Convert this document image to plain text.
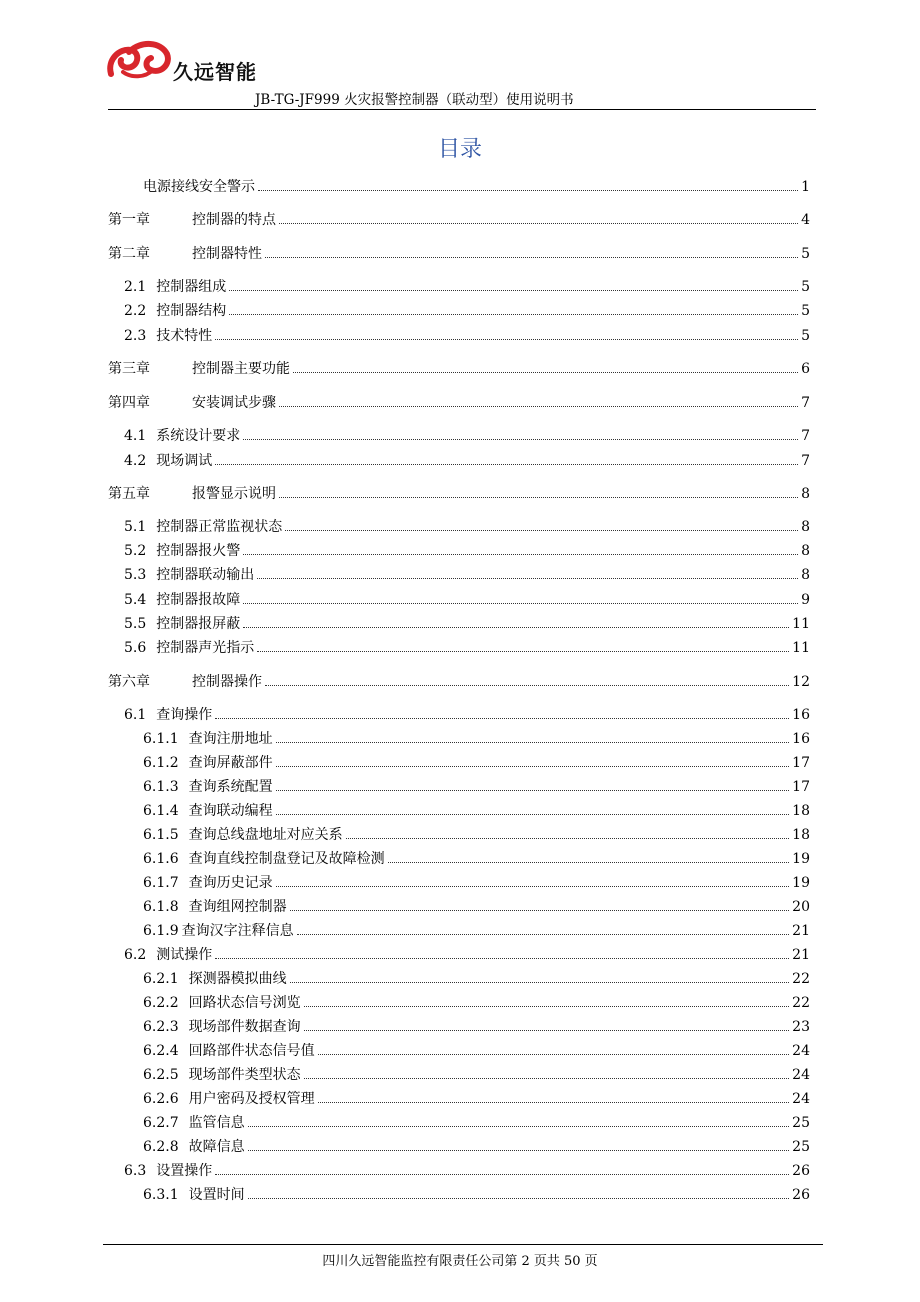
久远智能
JB-TG-JF999 火灾报警控制器（联动型）使用说明书
目录
电源接线安全警示	1
第一章	控制器的特点	4
第二章	控制器特性	5
2.1 控制器组成	5
2.2 控制器结构	5
2.3 技术特性	5
第三章	控制器主要功能	6
第四章	安装调试步骤	7
4.1 系统设计要求	7
4.2 现场调试	7
第五章	报警显示说明	8
5.1 控制器正常监视状态	8
5.2 控制器报火警	8
5.3 控制器联动输出	8
5.4 控制器报故障	9
5.5 控制器报屏蔽	11
5.6 控制器声光指示	11
第六章	控制器操作	12
6.1 查询操作	16
6.1.1 查询注册地址	16
6.1.2 查询屏蔽部件	17
6.1.3 查询系统配置	17
6.1.4 查询联动编程	18
6.1.5 查询总线盘地址对应关系	18
6.1.6 查询直线控制盘登记及故障检测	19
6.1.7 查询历史记录	19
6.1.8 查询组网控制器	20
6.1.9 查询汉字注释信息	21
6.2 测试操作	21
6.2.1 探测器模拟曲线	22
6.2.2 回路状态信号浏览	22
6.2.3 现场部件数据查询	23
6.2.4 回路部件状态信号值	24
6.2.5 现场部件类型状态	24
6.2.6 用户密码及授权管理	24
6.2.7 监管信息	25
6.2.8 故障信息	25
6.3 设置操作	26
6.3.1 设置时间	26
四川久远智能监控有限责任公司第 2 页共 50 页
